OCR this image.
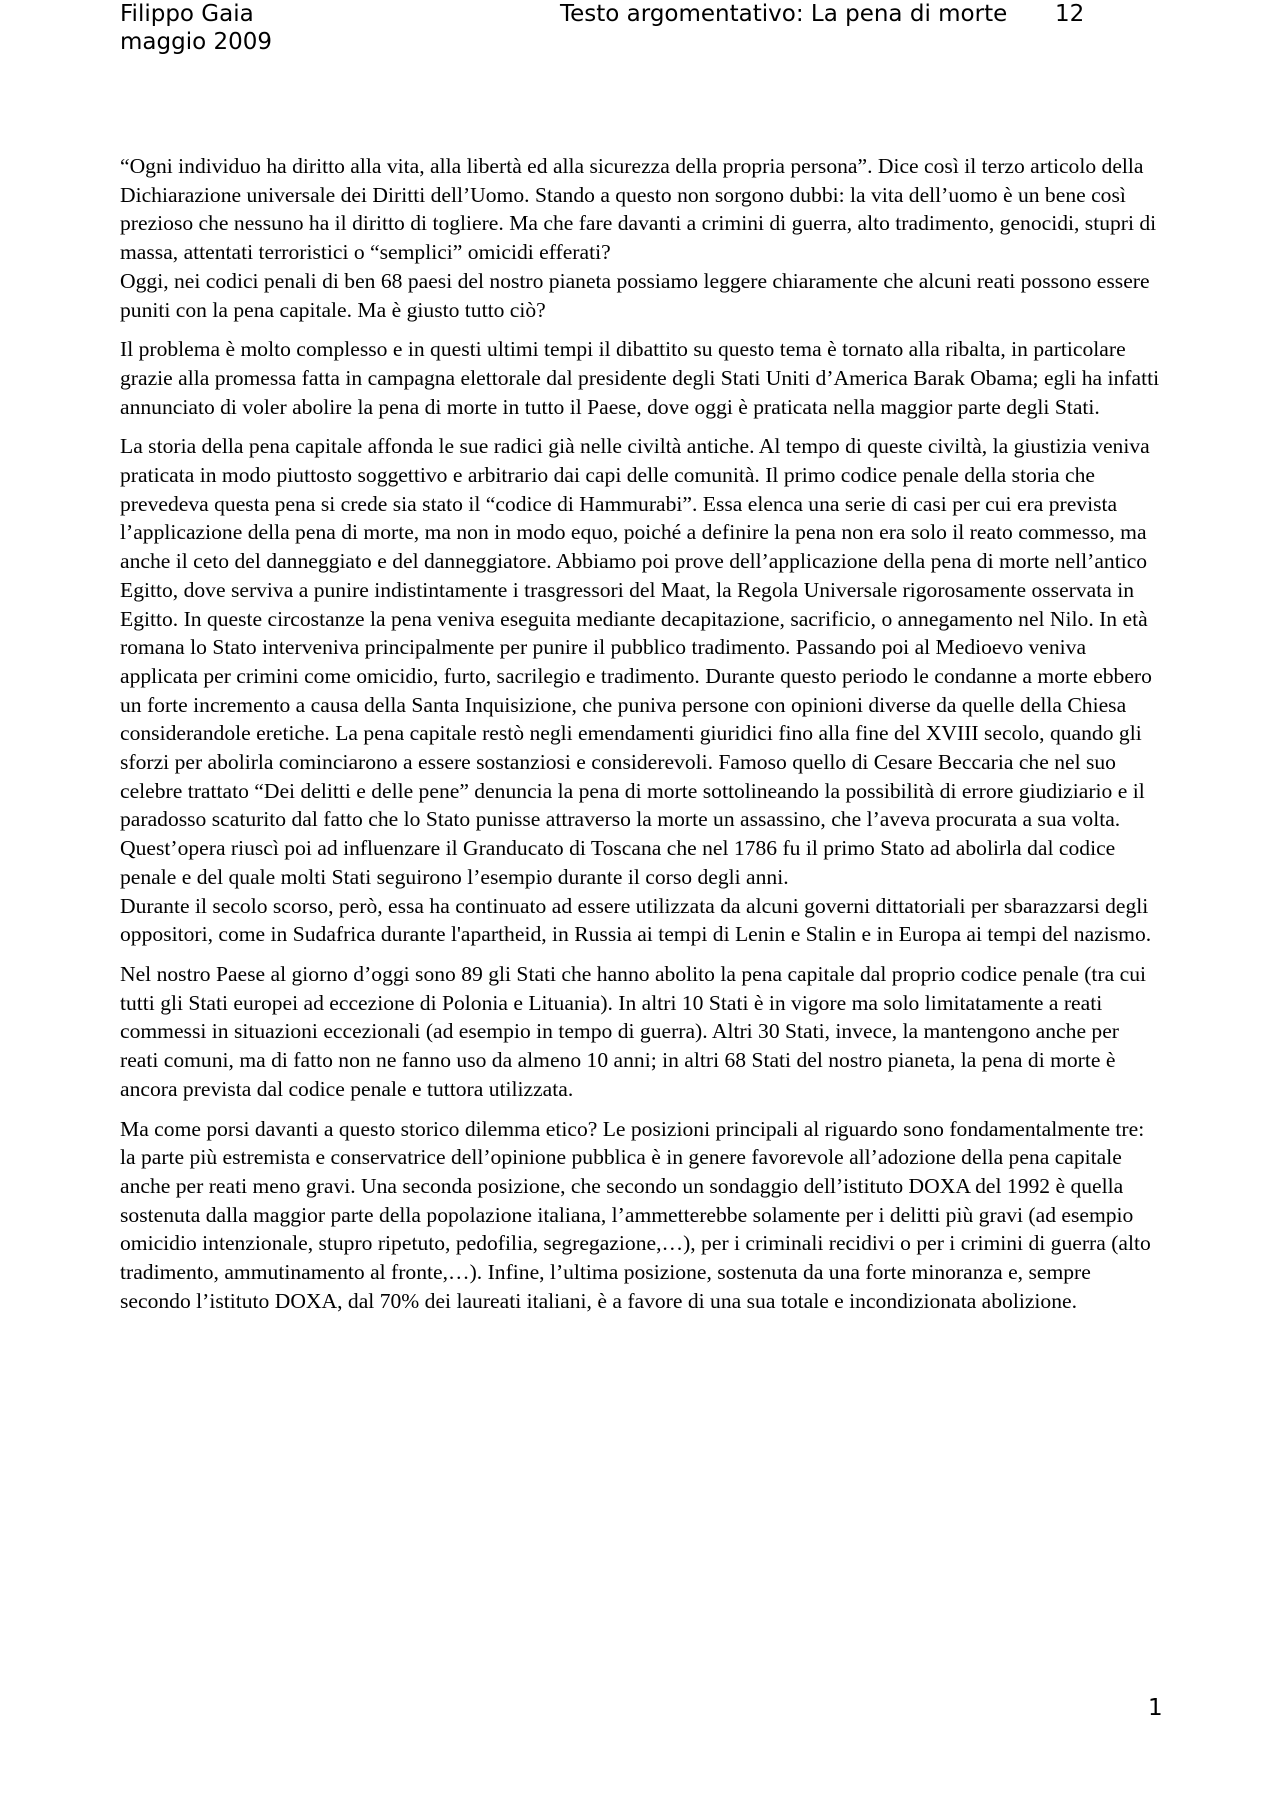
Filippo Gaia
maggio 2009
Testo argomentativo: La pena di morte 12

“Ogni individuo ha diritto alla vita, alla libertà ed alla sicurezza della propria persona”. Dice così il terzo articolo della Dichiarazione universale dei Diritti dell’Uomo. Stando a questo non sorgono dubbi: la vita dell’uomo è un bene così prezioso che nessuno ha il diritto di togliere. Ma che fare davanti a crimini di guerra, alto tradimento, genocidi, stupri di massa, attentati terroristici o “semplici” omicidi efferati?

Oggi, nei codici penali di ben 68 paesi del nostro pianeta possiamo leggere chiaramente che alcuni reati possono essere puniti con la pena capitale. Ma è giusto tutto ciò?

Il problema è molto complesso e in questi ultimi tempi il dibattito su questo tema è tornato alla ribalta, in particolare grazie alla promessa fatta in campagna elettorale dal presidente degli Stati Uniti d’America Barak Obama; egli ha infatti annunciato di voler abolire la pena di morte in tutto il Paese, dove oggi è praticata nella maggior parte degli Stati.

La storia della pena capitale affonda le sue radici già nelle civiltà antiche. Al tempo di queste civiltà, la giustizia veniva praticata in modo piuttosto soggettivo e arbitrario dai capi delle comunità. Il primo codice penale della storia che prevedeva questa pena si crede sia stato il “codice di Hammurabi”. Essa elenca una serie di casi per cui era prevista l’applicazione della pena di morte, ma non in modo equo, poiché a definire la pena non era solo il reato commesso, ma anche il ceto del danneggiato e del danneggiatore. Abbiamo poi prove dell’applicazione della pena di morte nell’antico Egitto, dove serviva a punire indistintamente i trasgressori del Maat, la Regola Universale rigorosamente osservata in Egitto. In queste circostanze la pena veniva eseguita mediante decapitazione, sacrificio, o annegamento nel Nilo. In età romana lo Stato interveniva principalmente per punire il pubblico tradimento. Passando poi al Medioevo veniva applicata per crimini come omicidio, furto, sacrilegio e tradimento. Durante questo periodo le condanne a morte ebbero un forte incremento a causa della Santa Inquisizione, che puniva persone con opinioni diverse da quelle della Chiesa considerandole eretiche. La pena capitale restò negli emendamenti giuridici fino alla fine del XVIII secolo, quando gli sforzi per abolirla cominciarono a essere sostanziosi e considerevoli. Famoso quello di Cesare Beccaria che nel suo celebre trattato “Dei delitti e delle pene” denuncia la pena di morte sottolineando la possibilità di errore giudiziario e il paradosso scaturito dal fatto che lo Stato punisse attraverso la morte un assassino, che l’aveva procurata a sua volta. Quest’opera riuscì poi ad influenzare il Granducato di Toscana che nel 1786 fu il primo Stato ad abolirla dal codice penale e del quale molti Stati seguirono l’esempio durante il corso degli anni.

Durante il secolo scorso, però, essa ha continuato ad essere utilizzata da alcuni governi dittatoriali per sbarazzarsi degli oppositori, come in Sudafrica durante l'apartheid, in Russia ai tempi di Lenin e Stalin e in Europa ai tempi del nazismo.

Nel nostro Paese al giorno d’oggi sono 89 gli Stati che hanno abolito la pena capitale dal proprio codice penale (tra cui tutti gli Stati europei ad eccezione di Polonia e Lituania). In altri 10 Stati è in vigore ma solo limitatamente a reati commessi in situazioni eccezionali (ad esempio in tempo di guerra). Altri 30 Stati, invece, la mantengono anche per reati comuni, ma di fatto non ne fanno uso da almeno 10 anni; in altri 68 Stati del nostro pianeta, la pena di morte è ancora prevista dal codice penale e tuttora utilizzata.

Ma come porsi davanti a questo storico dilemma etico? Le posizioni principali al riguardo sono fondamentalmente tre: la parte più estremista e conservatrice dell’opinione pubblica è in genere favorevole all’adozione della pena capitale anche per reati meno gravi. Una seconda posizione, che secondo un sondaggio dell’istituto DOXA del 1992 è quella sostenuta dalla maggior parte della popolazione italiana, l’ammetterebbe solamente per i delitti più gravi (ad esempio omicidio intenzionale, stupro ripetuto, pedofilia, segregazione,…), per i criminali recidivi o per i crimini di guerra (alto tradimento, ammutinamento al fronte,…). Infine, l’ultima posizione, sostenuta da una forte minoranza e, sempre secondo l’istituto DOXA, dal 70% dei laureati italiani, è a favore di una sua totale e incondizionata abolizione.

1
